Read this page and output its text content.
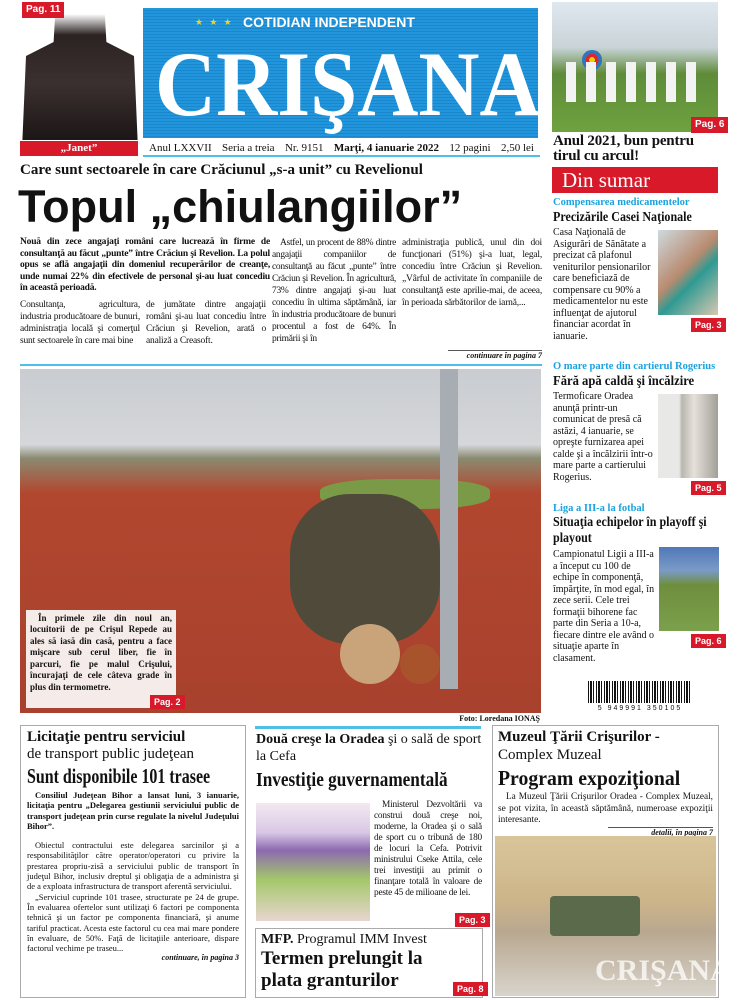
Pag. 11
„Janet”
★ ★ ★ COTIDIAN INDEPENDENT
CRIŞANA	Pag. 6
Anul 2021, bun pentru tirul cu arcul!
Anul LXXVII Seria a treia Nr. 9151 Marţi, 4 ianuarie 2022 12 pagini 2,50 lei
Care sunt sectoarele în care Crăciunul „s-a unit” cu Revelionul
Topul „chiulangiilor”
Nouă din zece angajaţi români care lucrează în firme de consultanţă au făcut „punte” între Crăciun şi Revelion. La polul opus se află angajaţii din domeniul recuperărilor de creanţe, unde numai 22% din efectivele de personal şi-au luat concediu în această perioadă.
Consultanţa, agricultura, industria producătoare de bunuri, administraţia locală şi comerţul sunt sectoarele în care mai bine
de jumătate dintre angajaţii români şi-au luat concediu între Crăciun şi Revelion, arată o analiză a Creasoft.
Astfel, un procent de 88% dintre angajaţii companiilor de consultanţă au făcut „punte” între Crăciun şi Revelion. În agricultură, 73% dintre angajaţi şi-au luat concediu în ultima săptămână, iar în industria producătoare de bunuri procentul a fost de 64%. În primării şi în
administraţia publică, unul din doi funcţionari (51%) şi-a luat, legal, concediu între Crăciun şi Revelion. „Vârful de activitate în companiile de consultanţă este aprilie-mai, de aceea, în perioada sărbătorilor de iarnă,...
continuare în pagina 7
În primele zile din noul an, locuitorii de pe Crişul Repede au ales să iasă din casă, pentru a face mişcare sub cerul liber, fie în parcuri, fie pe malul Crişului, încurajaţi de cele câteva grade în plus din termometre.
Pag. 2
Foto: Loredana IONAŞ
Din sumar
Compensarea medicamentelor
Precizările Casei Naţionale
Casa Naţională de Asigurări de Sănătate a precizat că plafonul veniturilor pensionarilor care beneficiază de compensare cu 90% a medicamentelor nu este influenţat de ajutorul financiar acordat în ianuarie.
Pag. 3
O mare parte din cartierul Rogerius
Fără apă caldă şi încălzire
Termoficare Oradea anunţă printr-un comunicat de presă că astăzi, 4 ianuarie, se opreşte furnizarea apei calde şi a încălzirii într-o mare parte a cartierului Rogerius.
Pag. 5
Liga a III-a la fotbal
Situaţia echipelor în playoff şi playout
Campionatul Ligii a III-a a început cu 100 de echipe în componenţă, împărţite, în mod egal, în zece serii. Cele trei formaţii bihorene fac parte din Seria a 10-a, fiecare dintre ele având o situaţie aparte în clasament.
Pag. 6
5 949991 350105
Licitaţie pentru serviciul
de transport public judeţean
Sunt disponibile 101 trasee
Consiliul Judeţean Bihor a lansat luni, 3 ianuarie, licitaţia pentru „Delegarea gestiunii serviciului public de transport judeţean prin curse regulate la nivelul Judeţului Bihor”.
Obiectul contractului este delegarea sarcinilor şi a responsabilităţilor către operator/operatori cu privire la prestarea propriu-zisă a serviciului public de transport în judeţul Bihor, inclusiv dreptul şi obligaţia de a administra şi de a exploata infrastructura de transport aferentă serviciului.
„Serviciul cuprinde 101 trasee, structurate pe 24 de grupe. În evaluarea ofertelor sunt utilizaţi 6 factori pe componenta tehnică şi un factor pe componenta financiară, şi anume tariful practicat. Acesta este factorul cu cea mai mare pondere în evaluare, de 50%. Faţă de licitaţiile anterioare, dispare factorul vechime pe traseu...
continuare, în pagina 3
Două creşe la Oradea şi o sală de sport la Cefa
Investiţie guvernamentală
Ministerul Dezvoltării va construi două creşe noi, moderne, la Oradea şi o sală de sport cu o tribună de 180 de locuri la Cefa. Potrivit ministrului Cseke Attila, cele trei investiţii au primit o finanţare totală în valoare de peste 45 de milioane de lei.
Pag. 3
MFP. Programul IMM Invest
Termen prelungit la plata granturilor	Pag. 8
Muzeul Ţării Crişurilor -
Complex Muzeal
Program expoziţional
La Muzeul Ţării Crişurilor Oradea - Complex Muzeal, se pot vizita, în această săptămână, numeroase expoziţii interesante.
detalii, în pagina 7
CRIŞANA
